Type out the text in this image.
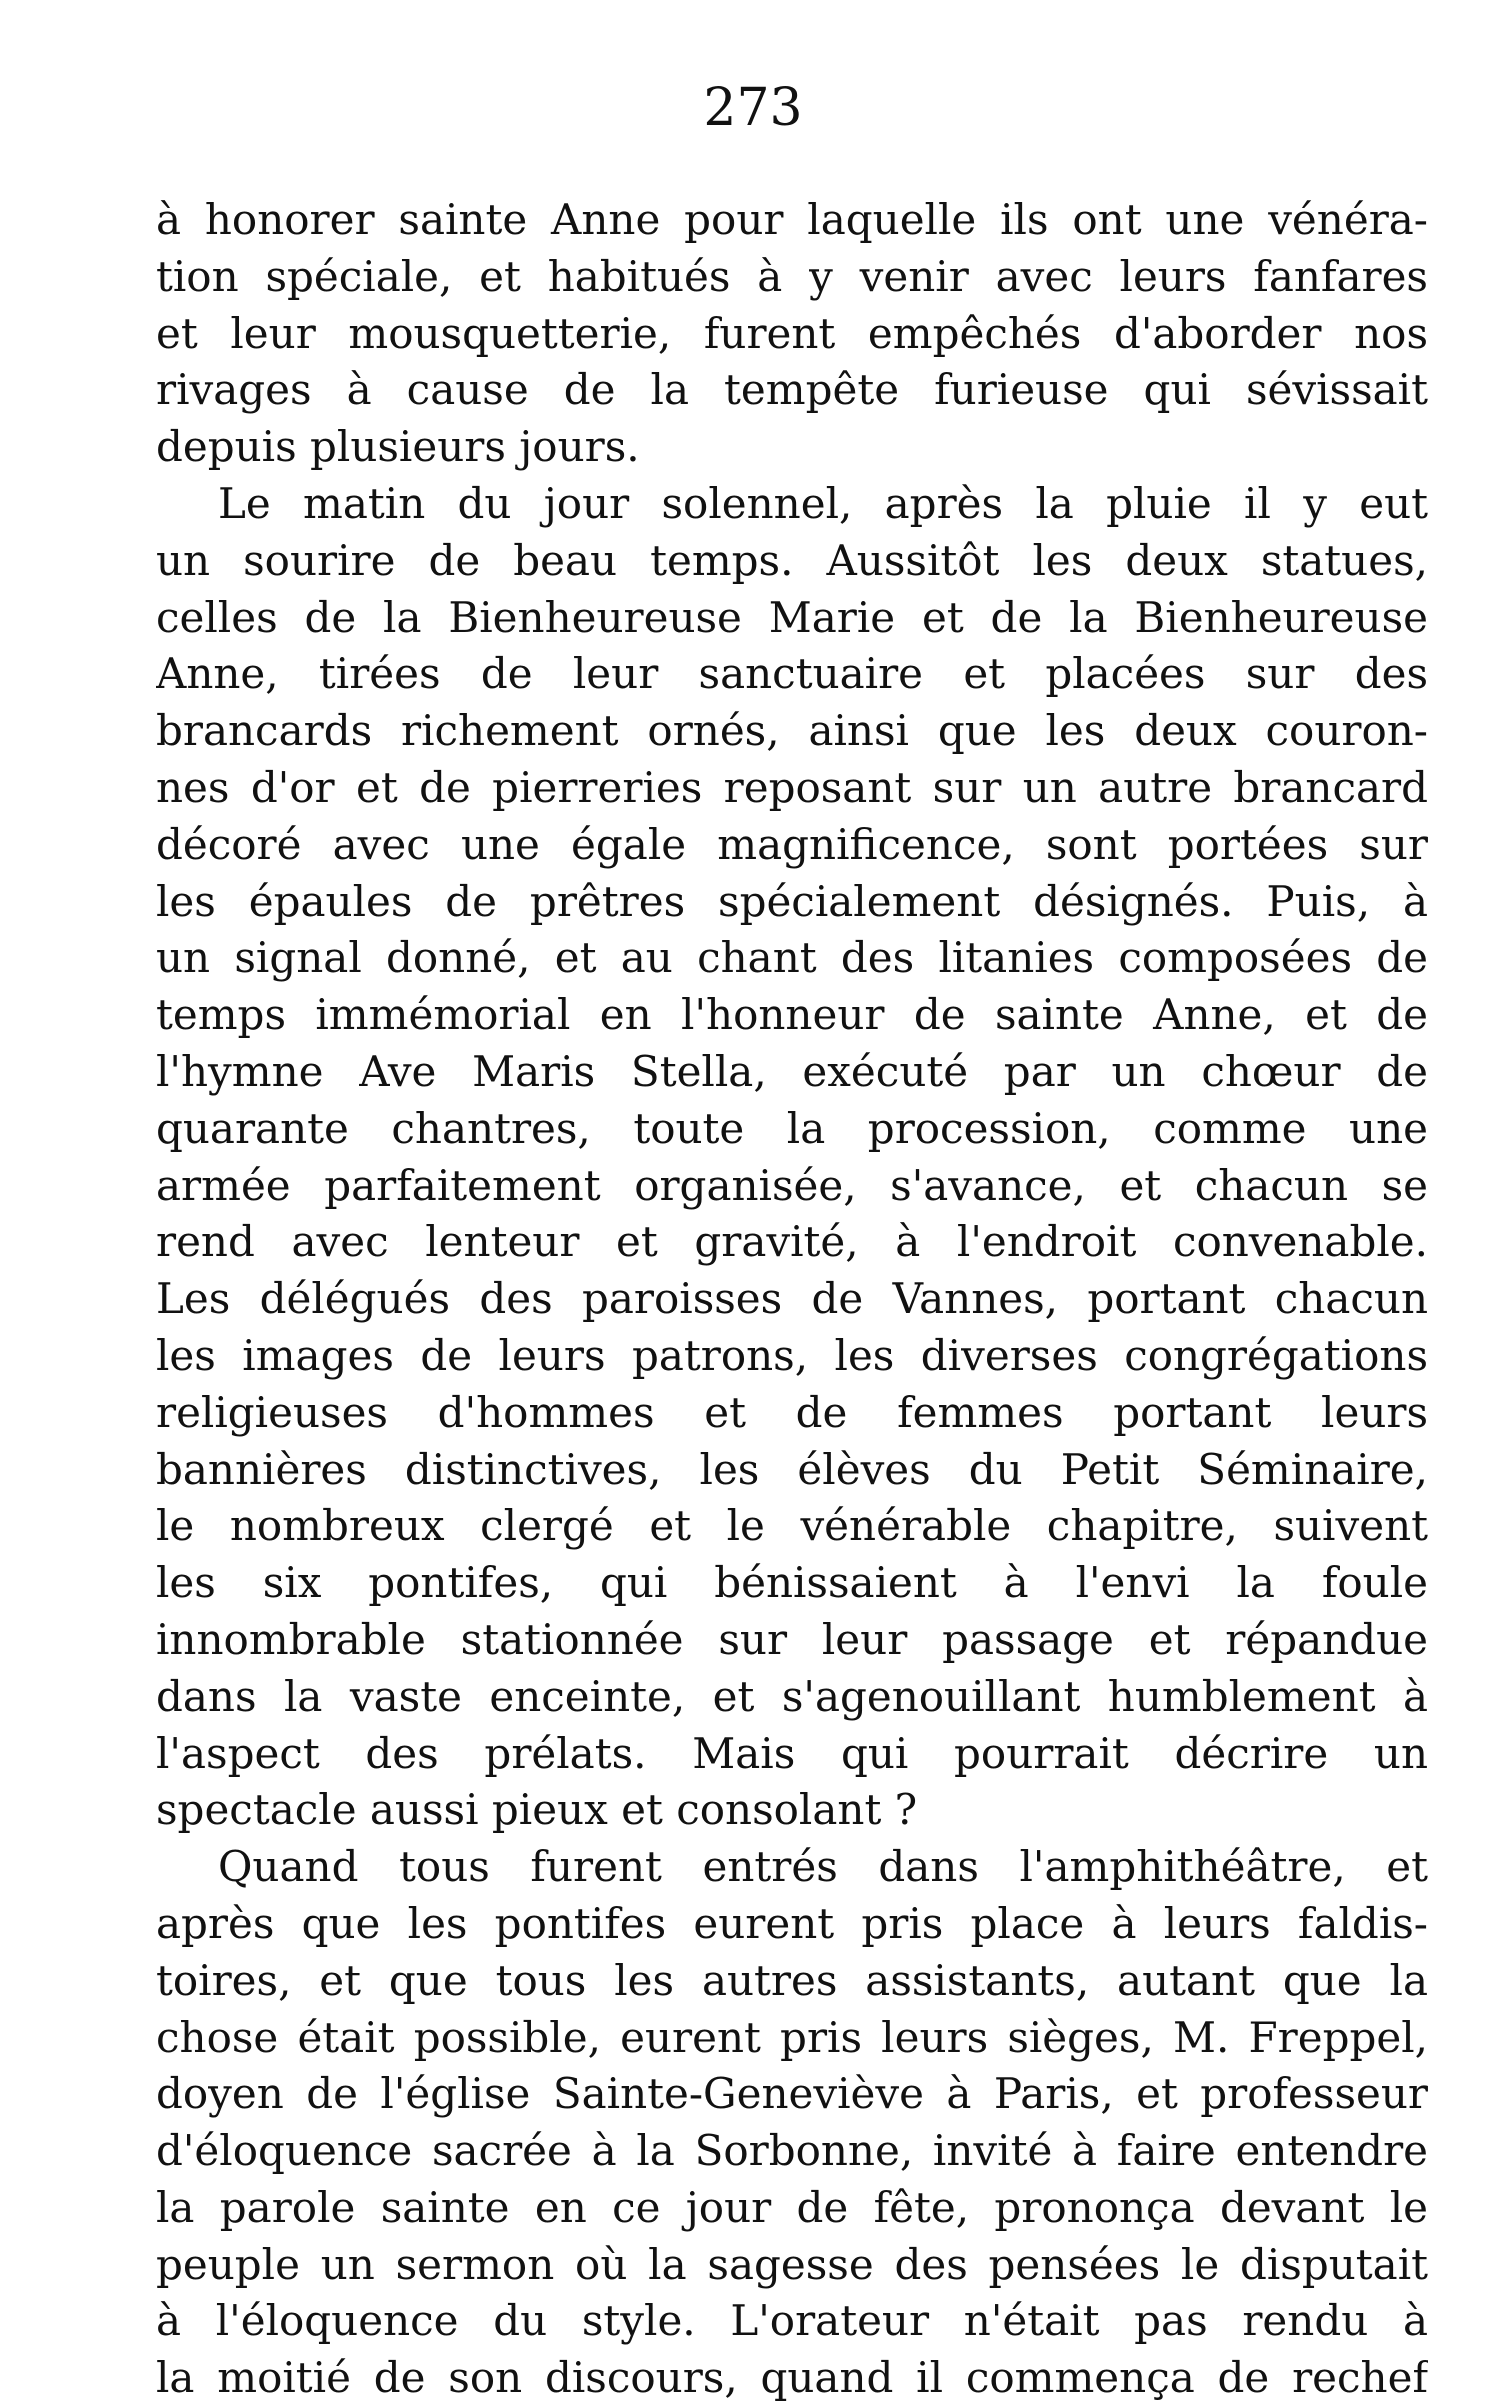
273
à honorer sainte Anne pour laquelle ils ont une vénéra-
tion spéciale, et habitués à y venir avec leurs fanfares
et leur mousquetterie, furent empêchés d'aborder nos
rivages à cause de la tempête furieuse qui sévissait
depuis plusieurs jours.
Le matin du jour solennel, après la pluie il y eut
un sourire de beau temps. Aussitôt les deux statues,
celles de la Bienheureuse Marie et de la Bienheureuse
Anne, tirées de leur sanctuaire et placées sur des
brancards richement ornés, ainsi que les deux couron-
nes d'or et de pierreries reposant sur un autre brancard
décoré avec une égale magnificence, sont portées sur
les épaules de prêtres spécialement désignés. Puis, à
un signal donné, et au chant des litanies composées de
temps immémorial en l'honneur de sainte Anne, et de
l'hymne Ave Maris Stella, exécuté par un chœur de
quarante chantres, toute la procession, comme une
armée parfaitement organisée, s'avance, et chacun se
rend avec lenteur et gravité, à l'endroit convenable.
Les délégués des paroisses de Vannes, portant chacun
les images de leurs patrons, les diverses congrégations
religieuses d'hommes et de femmes portant leurs
bannières distinctives, les élèves du Petit Séminaire,
le nombreux clergé et le vénérable chapitre, suivent
les six pontifes, qui bénissaient à l'envi la foule
innombrable stationnée sur leur passage et répandue
dans la vaste enceinte, et s'agenouillant humblement à
l'aspect des prélats. Mais qui pourrait décrire un
spectacle aussi pieux et consolant ?
Quand tous furent entrés dans l'amphithéâtre, et
après que les pontifes eurent pris place à leurs faldis-
toires, et que tous les autres assistants, autant que la
chose était possible, eurent pris leurs sièges, M. Freppel,
doyen de l'église Sainte-Geneviève à Paris, et professeur
d'éloquence sacrée à la Sorbonne, invité à faire entendre
la parole sainte en ce jour de fête, prononça devant le
peuple un sermon où la sagesse des pensées le disputait
à l'éloquence du style. L'orateur n'était pas rendu à
la moitié de son discours, quand il commença de rechef
